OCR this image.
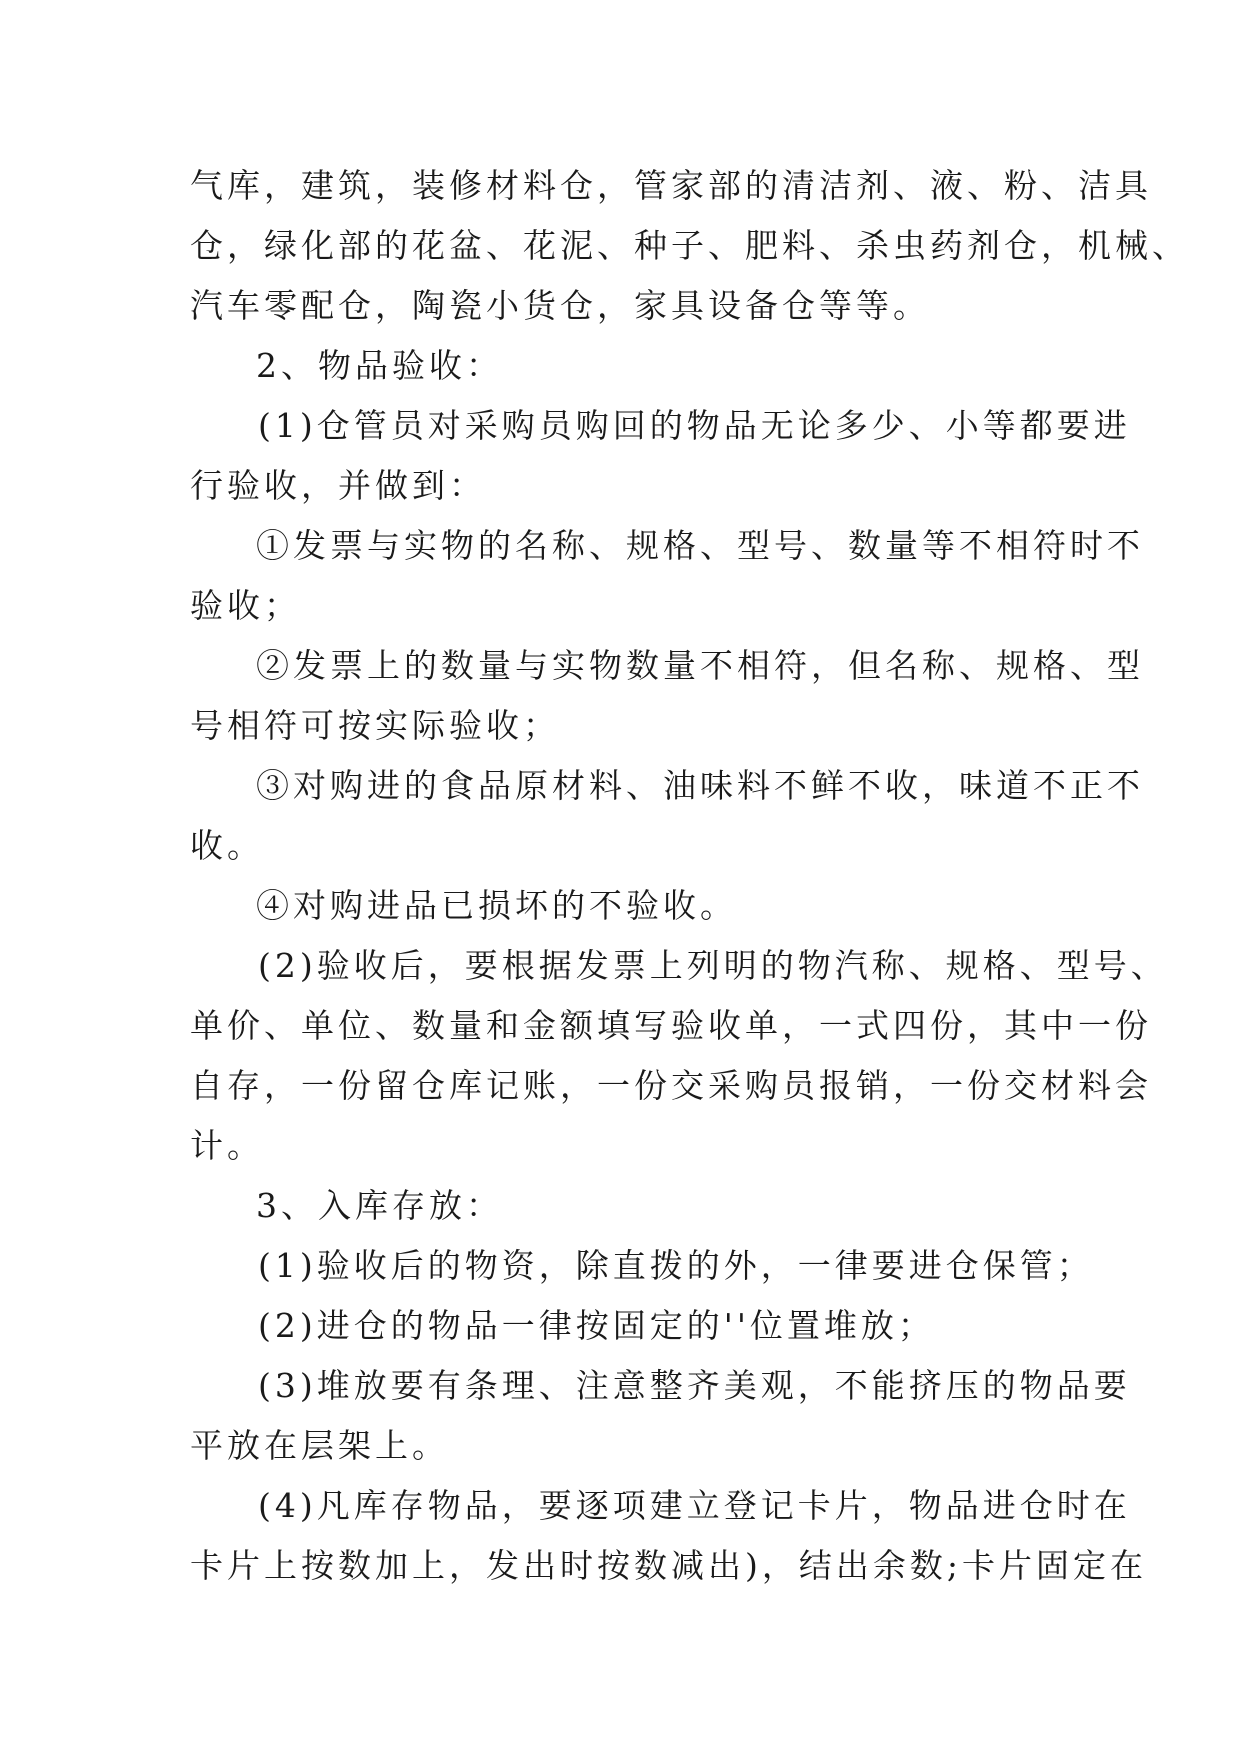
气库，建筑，装修材料仓，管家部的清洁剂、液、粉、洁具
仓，绿化部的花盆、花泥、种子、肥料、杀虫药剂仓，机械、
汽车零配仓，陶瓷小货仓，家具设备仓等等。
2、物品验收：
(1)仓管员对采购员购回的物品无论多少、小等都要进
行验收，并做到：
①发票与实物的名称、规格、型号、数量等不相符时不
验收；
②发票上的数量与实物数量不相符，但名称、规格、型
号相符可按实际验收；
③对购进的食品原材料、油味料不鲜不收，味道不正不
收。
④对购进品已损坏的不验收。
(2)验收后，要根据发票上列明的物汽称、规格、型号、
单价、单位、数量和金额填写验收单，一式四份，其中一份
自存，一份留仓库记账，一份交采购员报销，一份交材料会
计。
3、入库存放：
(1)验收后的物资，除直拨的外，一律要进仓保管；
(2)进仓的物品一律按固定的''位置堆放；
(3)堆放要有条理、注意整齐美观，不能挤压的物品要
平放在层架上。
(4)凡库存物品，要逐项建立登记卡片，物品进仓时在
卡片上按数加上，发出时按数减出)，结出余数;卡片固定在
